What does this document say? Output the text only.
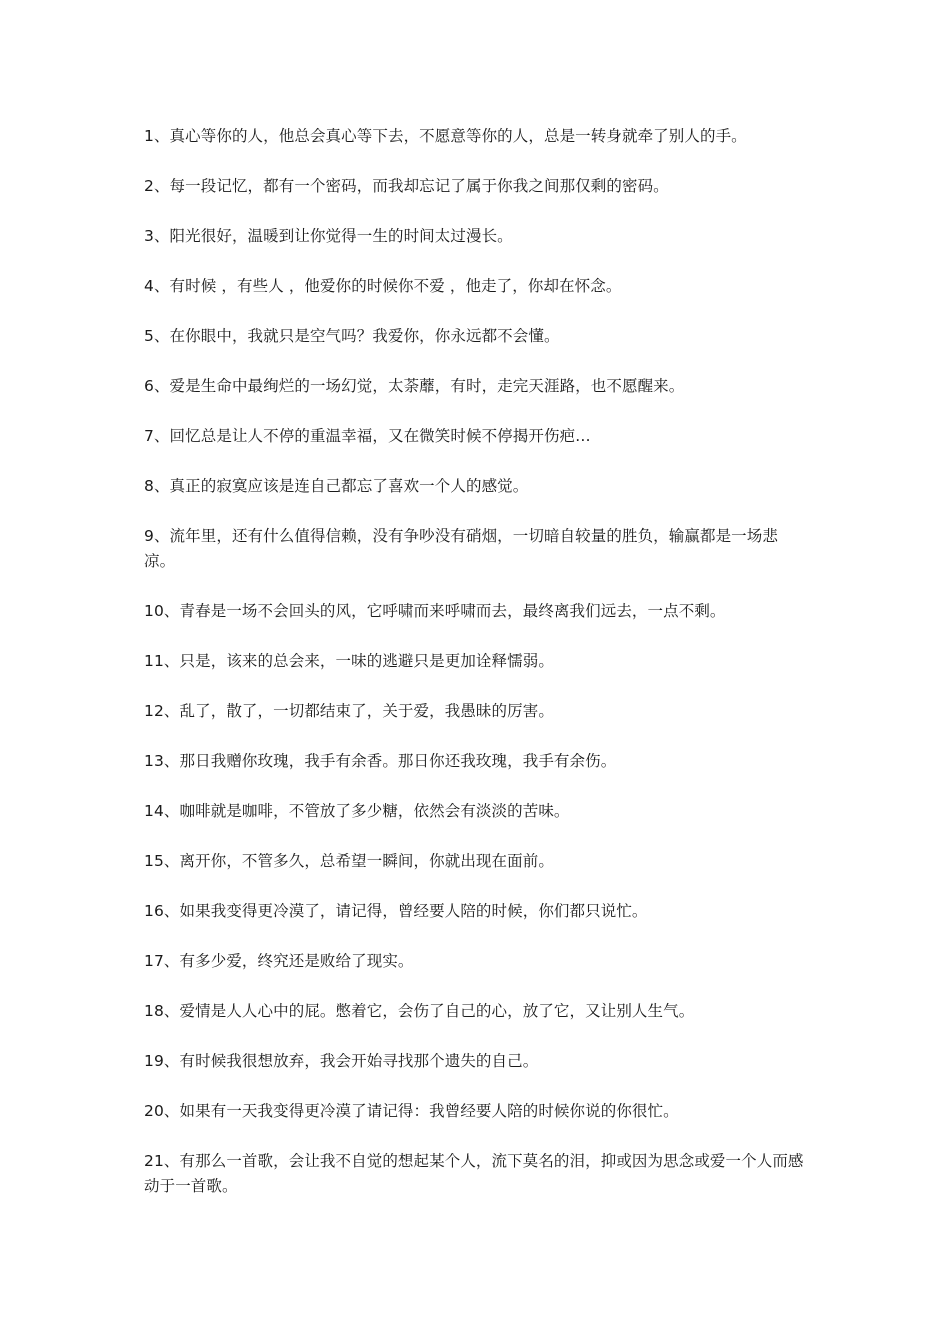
1、真心等你的人，他总会真心等下去，不愿意等你的人，总是一转身就牵了别人的手。

2、每一段记忆，都有一个密码，而我却忘记了属于你我之间那仅剩的密码。

3、阳光很好，温暖到让你觉得一生的时间太过漫长。

4、有时候 ，有些人 ，他爱你的时候你不爱 ，他走了，你却在怀念。

5、在你眼中，我就只是空气吗？我爱你，你永远都不会懂。

6、爱是生命中最绚烂的一场幻觉，太荼蘼，有时，走完天涯路，也不愿醒来。

7、回忆总是让人不停的重温幸福，又在微笑时候不停揭开伤疤…

8、真正的寂寞应该是连自己都忘了喜欢一个人的感觉。

9、流年里，还有什么值得信赖，没有争吵没有硝烟，一切暗自较量的胜负，输赢都是一场悲凉。

10、青春是一场不会回头的风，它呼啸而来呼啸而去，最终离我们远去，一点不剩。

11、只是，该来的总会来，一味的逃避只是更加诠释懦弱。

12、乱了，散了，一切都结束了，关于爱，我愚昧的厉害。

13、那日我赠你玫瑰，我手有余香。那日你还我玫瑰，我手有余伤。

14、咖啡就是咖啡，不管放了多少糖，依然会有淡淡的苦味。

15、离开你，不管多久，总希望一瞬间，你就出现在面前。

16、如果我变得更冷漠了，请记得，曾经要人陪的时候，你们都只说忙。

17、有多少爱，终究还是败给了现实。

18、爱情是人人心中的屁。憋着它，会伤了自己的心，放了它，又让别人生气。

19、有时候我很想放弃，我会开始寻找那个遗失的自己。

20、如果有一天我变得更冷漠了请记得：我曾经要人陪的时候你说的你很忙。

21、有那么一首歌，会让我不自觉的想起某个人，流下莫名的泪，抑或因为思念或爱一个人而感动于一首歌。
